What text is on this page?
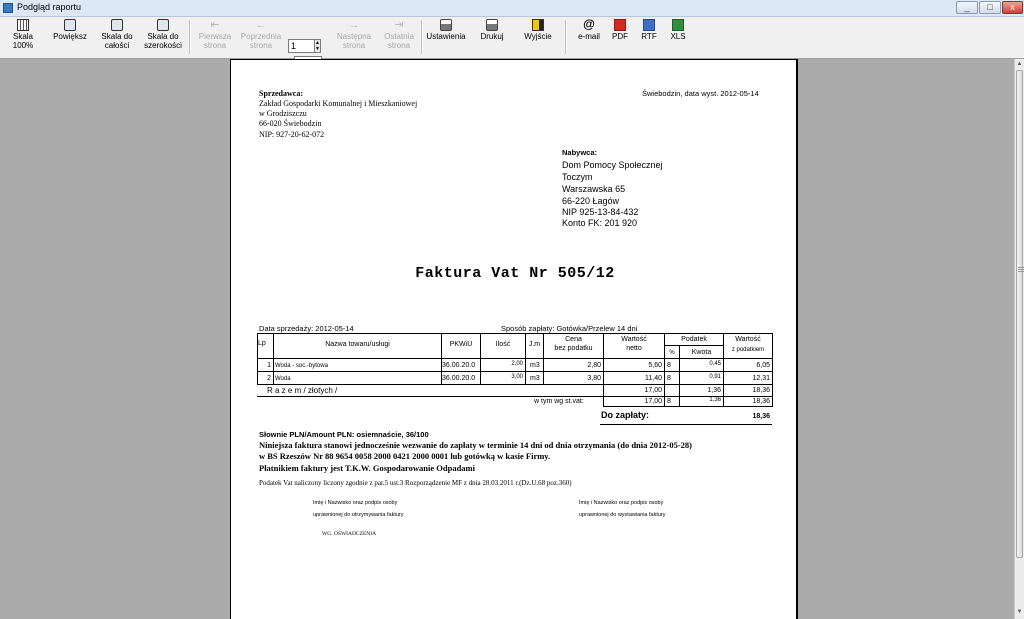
Podgląd raportu	_	□	x
Skala
100%
Powiększ	Skala do
całości
Skala do
szerokości
⇤
Pierwsza
strona
←
Poprzednia
strona	1	▲
▼
→
Następna
strona
⇥
Ostatnia
strona
Ustawienia	Drukuj	Wyjście
@
e-mail	PDF	RTF	XLS
▲
▼
Sprzedawca:
Zakład Gospodarki Komunalnej i Mieszkaniowej
w Grodziszczu
66-020 Świebodzin
NIP: 927-20-62-072
Świebodzin, data wyst. 2012-05-14
Nabywca:
Dom Pomocy Społecznej
Toczym
Warszawska 65
66-220 Łagów
NIP 925-13-84-432
Konto FK: 201 920
Faktura Vat Nr 505/12
Data sprzedaży: 2012-05-14	Sposób zapłaty: Gotówka/Przelew 14 dni
Lp	Nazwa towaru/usługi	PKWiU	Ilość	J.m
Cena
bez podatku
Wartość
netto
Podatek
%	Kwota
Wartość
z podatkiem
1 Woda - soc.-bytowa	36.00.20.0	2,00 m3	2,80	5,60 8	0,45	6,05
2 Woda	36.00.20.0	3,00 m3	3,80	11,40 8	0,91	12,31
R a z e m / złotych /	17,00	1,36	18,36
w tym wg st.vat:	17,00 8	1,36	18,36
Do zapłaty:	18,36
Słownie PLN/Amount PLN: osiemnaście, 36/100
Niniejsza faktura stanowi jednocześnie wezwanie do zapłaty w terminie 14 dni od dnia otrzymania (do dnia 2012-05-28)
w BS Rzeszów Nr 88 9654 0058 2000 0421 2000 0001 lub gotówką w kasie Firmy.
Płatnikiem faktury jest T.K.W. Gospodarowanie Odpadami
Podatek Vat naliczony liczony zgodnie z par.5 ust.3 Rozporządzenie MF z dnia 28.03.2011 r.(Dz.U.68 poz.360)
Imię i Nazwisko oraz podpis osoby
uprawnionej do otrzymywania faktury
Imię i Nazwisko oraz podpis osoby
uprawnionej do wystawiania faktury
WG. OŚWIADCZENIA
